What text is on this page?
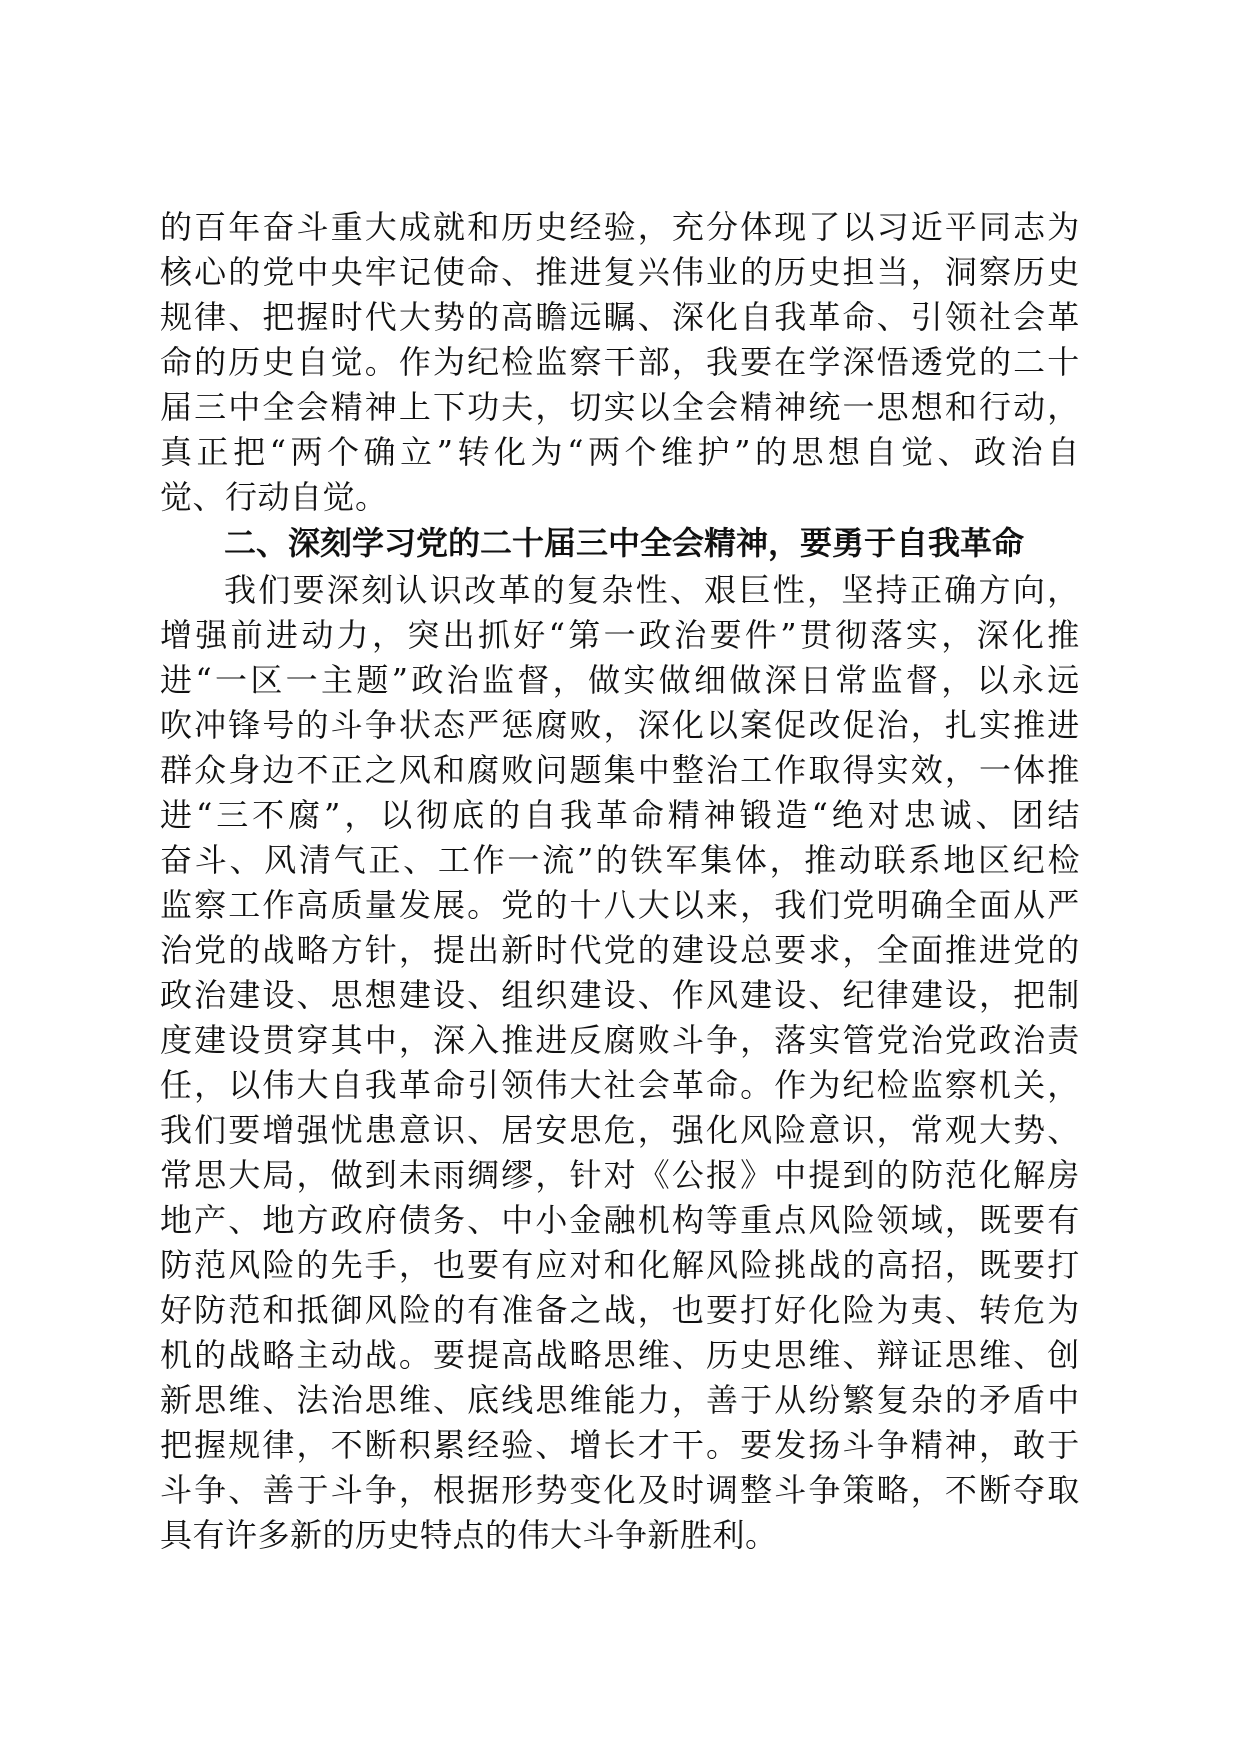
的 百 年 奋 斗 重 大 成 就 和 历 史 经 验 ， 充 分 体 现 了 以 习 近 平 同 志 为
核 心 的 党 中 央 牢 记 使 命 、 推 进 复 兴 伟 业 的 历 史 担 当 ， 洞 察 历 史
规 律 、 把 握 时 代 大 势 的 高 瞻 远 瞩 、 深 化 自 我 革 命 、 引 领 社 会 革
命 的 历 史 自 觉 。 作 为 纪 检 监 察 干 部 ， 我 要 在 学 深 悟 透 党 的 二 十
届 三 中 全 会 精 神 上 下 功 夫 ， 切 实 以 全 会 精 神 统 一 思 想 和 行 动 ，
真 正 把 “ 两 个 确 立 ” 转 化 为 “ 两 个 维 护 ” 的 思 想 自 觉 、 政 治 自
觉、行动自觉。
二、深刻学习党的二十届三中全会精神，要勇于自我革命
我 们 要 深 刻 认 识 改 革 的 复 杂 性 、 艰 巨 性 ， 坚 持 正 确 方 向 ，
增 强 前 进 动 力 ， 突 出 抓 好 “ 第 一 政 治 要 件 ” 贯 彻 落 实 ， 深 化 推
进 “ 一 区 一 主 题 ” 政 治 监 督 ， 做 实 做 细 做 深 日 常 监 督 ， 以 永 远
吹 冲 锋 号 的 斗 争 状 态 严 惩 腐 败 ， 深 化 以 案 促 改 促 治 ， 扎 实 推 进
群 众 身 边 不 正 之 风 和 腐 败 问 题 集 中 整 治 工 作 取 得 实 效 ， 一 体 推
进 “ 三 不 腐 ” ， 以 彻 底 的 自 我 革 命 精 神 锻 造 “ 绝 对 忠 诚 、 团 结
奋 斗 、 风 清 气 正 、 工 作 一 流 ” 的 铁 军 集 体 ， 推 动 联 系 地 区 纪 检
监 察 工 作 高 质 量 发 展 。 党 的 十 八 大 以 来 ， 我 们 党 明 确 全 面 从 严
治 党 的 战 略 方 针 ， 提 出 新 时 代 党 的 建 设 总 要 求 ， 全 面 推 进 党 的
政 治 建 设 、 思 想 建 设 、 组 织 建 设 、 作 风 建 设 、 纪 律 建 设 ， 把 制
度 建 设 贯 穿 其 中 ， 深 入 推 进 反 腐 败 斗 争 ， 落 实 管 党 治 党 政 治 责
任 ， 以 伟 大 自 我 革 命 引 领 伟 大 社 会 革 命 。 作 为 纪 检 监 察 机 关 ，
我 们 要 增 强 忧 患 意 识 、 居 安 思 危 ， 强 化 风 险 意 识 ， 常 观 大 势 、
常 思 大 局 ， 做 到 未 雨 绸 缪 ， 针 对 《 公 报 》 中 提 到 的 防 范 化 解 房
地 产 、 地 方 政 府 债 务 、 中 小 金 融 机 构 等 重 点 风 险 领 域 ， 既 要 有
防 范 风 险 的 先 手 ， 也 要 有 应 对 和 化 解 风 险 挑 战 的 高 招 ， 既 要 打
好 防 范 和 抵 御 风 险 的 有 准 备 之 战 ， 也 要 打 好 化 险 为 夷 、 转 危 为
机 的 战 略 主 动 战 。 要 提 高 战 略 思 维 、 历 史 思 维 、 辩 证 思 维 、 创
新 思 维 、 法 治 思 维 、 底 线 思 维 能 力 ， 善 于 从 纷 繁 复 杂 的 矛 盾 中
把 握 规 律 ， 不 断 积 累 经 验 、 增 长 才 干 。 要 发 扬 斗 争 精 神 ， 敢 于
斗 争 、 善 于 斗 争 ， 根 据 形 势 变 化 及 时 调 整 斗 争 策 略 ， 不 断 夺 取
具有许多新的历史特点的伟大斗争新胜利。
